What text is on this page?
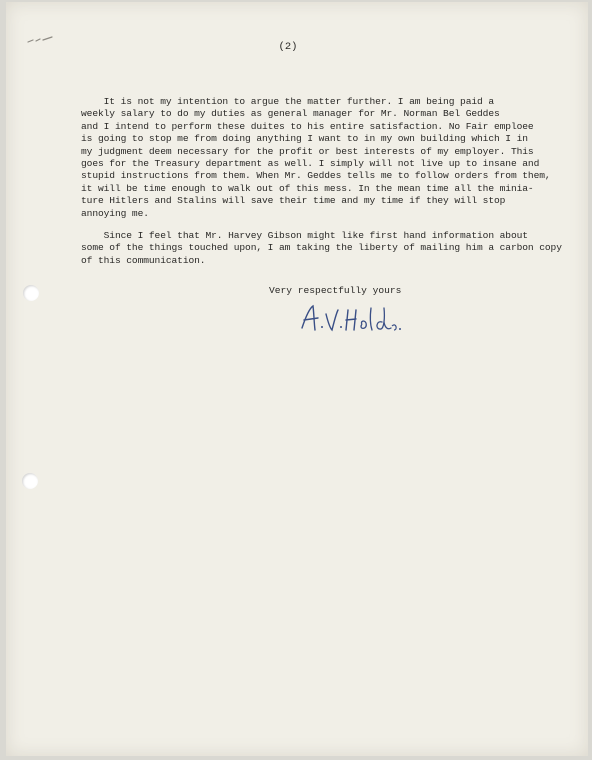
(2)
It is not my intention to argue the matter further. I am being paid a
weekly salary to do my duties as general manager for Mr. Norman Bel Geddes
and I intend to perform these duites to his entire satisfaction. No Fair emploee
is going to stop me from doing anything I want to in my own building which I in
my judgment deem necessary for the profit or best interests of my employer. This
goes for the Treasury department as well. I simply will not live up to insane and
stupid instructions from them. When Mr. Geddes tells me to follow orders from them,
it will be time enough to walk out of this mess. In the mean time all the minia-
ture Hitlers and Stalins will save their time and my time if they will stop
annoying me.
Since I feel that Mr. Harvey Gibson might like first hand information about
some of the things touched upon, I am taking the liberty of mailing him a carbon copy
of this communication.
Very respectfully yours
